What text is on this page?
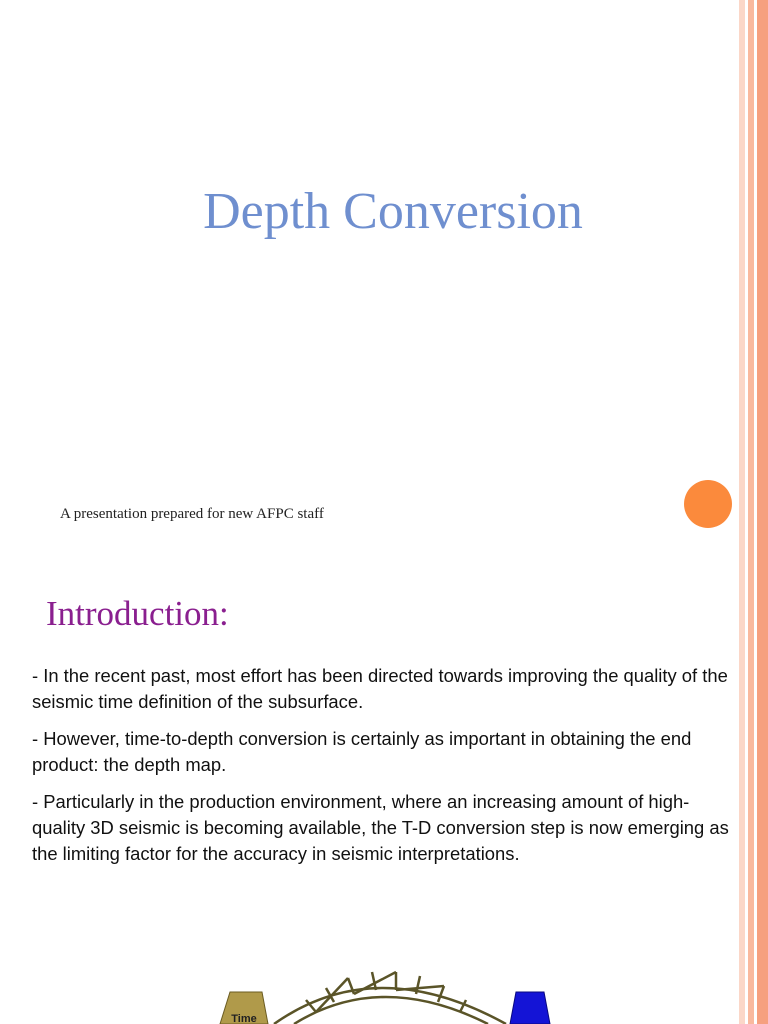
Depth Conversion
A presentation prepared for new AFPC staff
Introduction:

- In the recent past, most effort has been directed towards improving the quality of the seismic time definition of the subsurface.

- However, time-to-depth conversion is certainly as important in obtaining the end product: the depth map.

- Particularly in the production environment, where an increasing amount of high-quality 3D seismic is becoming available, the T-D conversion step is now emerging as the limiting factor for the accuracy in seismic interpretations.

Time
